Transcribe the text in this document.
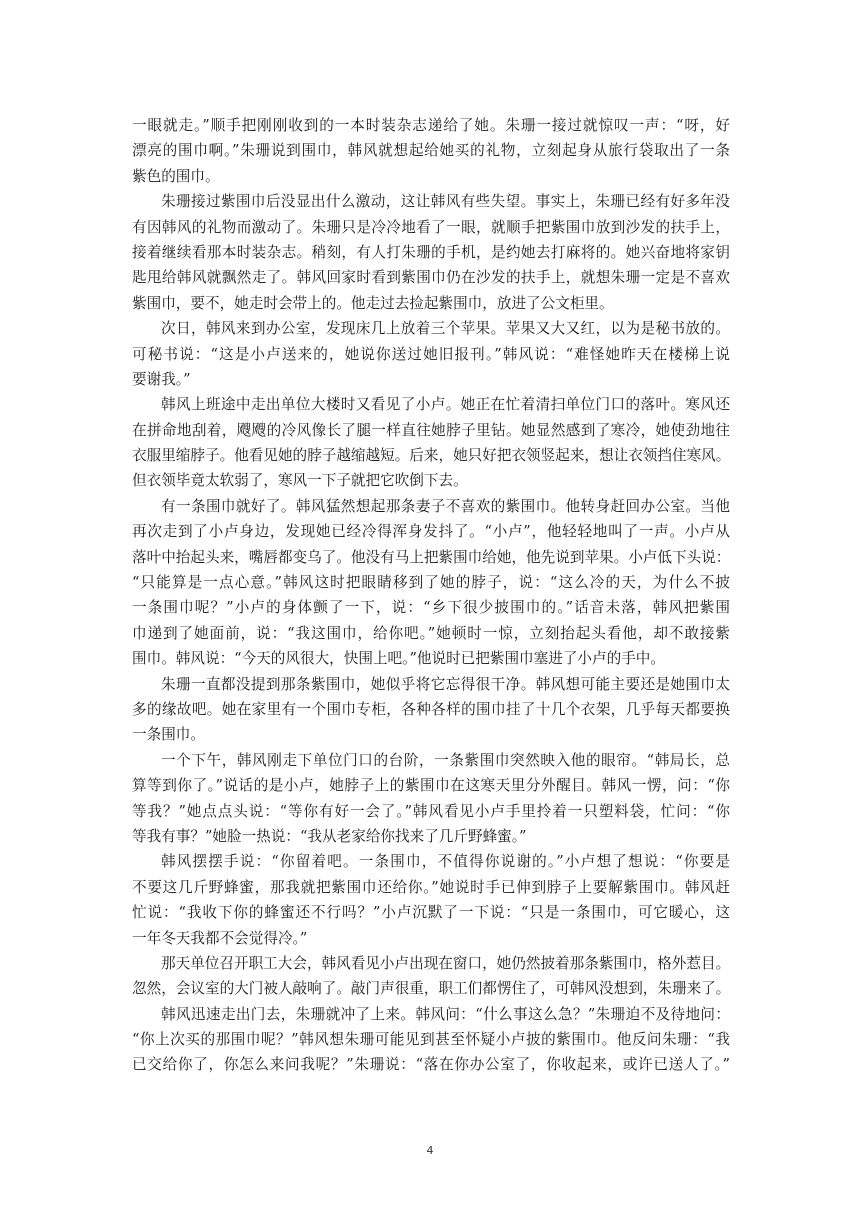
一眼就走。”顺手把刚刚收到的一本时装杂志递给了她。朱珊一接过就惊叹一声：“呀，好
漂亮的围巾啊。”朱珊说到围巾，韩风就想起给她买的礼物，立刻起身从旅行袋取出了一条
紫色的围巾。
朱珊接过紫围巾后没显出什么激动，这让韩风有些失望。事实上，朱珊已经有好多年没
有因韩风的礼物而激动了。朱珊只是冷冷地看了一眼，就顺手把紫围巾放到沙发的扶手上，
接着继续看那本时装杂志。稍刻，有人打朱珊的手机，是约她去打麻将的。她兴奋地将家钥
匙甩给韩风就飘然走了。韩风回家时看到紫围巾仍在沙发的扶手上，就想朱珊一定是不喜欢
紫围巾，要不，她走时会带上的。他走过去捡起紫围巾，放进了公文柜里。
次日，韩风来到办公室，发现床几上放着三个苹果。苹果又大又红，以为是秘书放的。
可秘书说：“这是小卢送来的，她说你送过她旧报刊。”韩风说：“难怪她昨天在楼梯上说
要谢我。”
韩风上班途中走出单位大楼时又看见了小卢。她正在忙着清扫单位门口的落叶。寒风还
在拼命地刮着，飕飕的冷风像长了腿一样直往她脖子里钻。她显然感到了寒冷，她使劲地往
衣服里缩脖子。他看见她的脖子越缩越短。后来，她只好把衣领竖起来，想让衣领挡住寒风。
但衣领毕竟太软弱了，寒风一下子就把它吹倒下去。
有一条围巾就好了。韩风猛然想起那条妻子不喜欢的紫围巾。他转身赶回办公室。当他
再次走到了小卢身边，发现她已经冷得浑身发抖了。“小卢”，他轻轻地叫了一声。小卢从
落叶中抬起头来，嘴唇都变乌了。他没有马上把紫围巾给她，他先说到苹果。小卢低下头说：
“只能算是一点心意。”韩风这时把眼睛移到了她的脖子，说：“这么冷的天，为什么不披
一条围巾呢？”小卢的身体颤了一下，说：“乡下很少披围巾的。”话音未落，韩风把紫围
巾递到了她面前，说：“我这围巾，给你吧。”她顿时一惊，立刻抬起头看他，却不敢接紫
围巾。韩风说：“今天的风很大，快围上吧。”他说时已把紫围巾塞进了小卢的手中。
朱珊一直都没提到那条紫围巾，她似乎将它忘得很干净。韩风想可能主要还是她围巾太
多的缘故吧。她在家里有一个围巾专柜，各种各样的围巾挂了十几个衣架，几乎每天都要换
一条围巾。
一个下午，韩风刚走下单位门口的台阶，一条紫围巾突然映入他的眼帘。“韩局长，总
算等到你了。”说话的是小卢，她脖子上的紫围巾在这寒天里分外醒目。韩风一愣，问：“你
等我？”她点点头说：“等你有好一会了。”韩风看见小卢手里拎着一只塑料袋，忙问：“你
等我有事？”她脸一热说：“我从老家给你找来了几斤野蜂蜜。”
韩风摆摆手说：“你留着吧。一条围巾，不值得你说谢的。”小卢想了想说：“你要是
不要这几斤野蜂蜜，那我就把紫围巾还给你。”她说时手已伸到脖子上要解紫围巾。韩风赶
忙说：“我收下你的蜂蜜还不行吗？”小卢沉默了一下说：“只是一条围巾，可它暖心，这
一年冬天我都不会觉得冷。”
那天单位召开职工大会，韩风看见小卢出现在窗口，她仍然披着那条紫围巾，格外惹目。
忽然，会议室的大门被人敲响了。敲门声很重，职工们都愣住了，可韩风没想到，朱珊来了。
韩风迅速走出门去，朱珊就冲了上来。韩风问：“什么事这么急？”朱珊迫不及待地问：
“你上次买的那围巾呢？”韩风想朱珊可能见到甚至怀疑小卢披的紫围巾。他反问朱珊：“我
已交给你了，你怎么来问我呢？”朱珊说：“落在你办公室了，你收起来，或许已送人了。”
4
